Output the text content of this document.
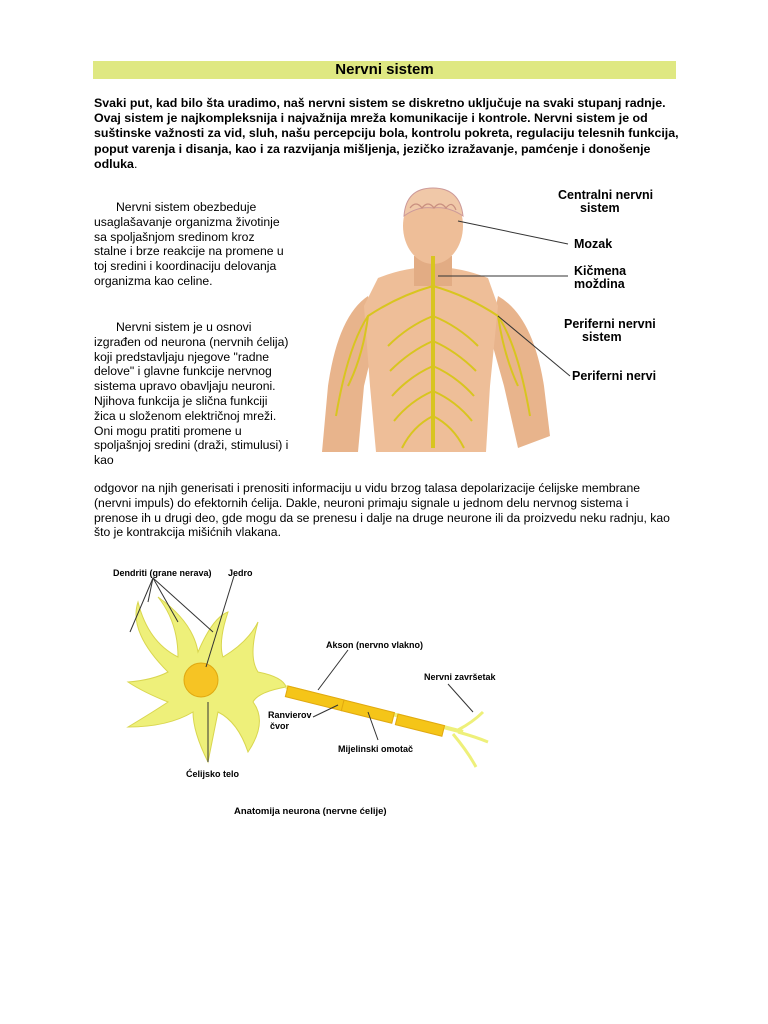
Nervni sistem

Svaki put, kad bilo šta uradimo, naš nervni sistem se diskretno uključuje na svaki stupanj radnje. Ovaj sistem je najkompleksnija i najvažnija mreža komunikacije i kontrole. Nervni sistem je od suštinske važnosti za vid, sluh, našu percepciju bola, kontrolu pokreta, regulaciju telesnih funkcija, poput varenja i disanja, kao i za razvijanja mišljenja, jezičko izražavanje, pamćenje i donošenje odluka.

Nervni sistem obezbeduje usaglašavanje organizma životinje sa spoljašnjom sredinom kroz stalne i brze reakcije na promene u toj sredini i koordinaciju delovanja organizma kao celine.

Nervni sistem je u osnovi izgrađen od neurona (nervnih ćelija) koji predstavljaju njegove "radne delove" i glavne funkcije nervnog sistema upravo obavljaju neuroni. Njihova funkcija je slična funkciji žica u složenom električnoj mreži. Oni mogu pratiti promene u spoljašnjoj sredini (draži, stimulusi) i kao

odgovor na njih generisati i prenositi informaciju u vidu brzog talasa depolarizacije ćelijske membrane (nervni impuls) do efektornih ćelija. Dakle, neuroni primaju signale u jednom delu nervnog sistema i prenose ih u drugi deo, gde mogu da se prenesu i dalje na druge neurone ili da proizvedu neku radnju, kao što je kontrakcija mišićnih vlakana.

Centralni nervni
sistem
Mozak
Kičmena
moždina
Periferni nervni
sistem
Periferni nervi
Dendriti (grane nerava) Jedro
Akson (nervno vlakno)
Nervni završetak
Ranvierov
čvor
Mijelinski omotač
Ćelijsko telo
Anatomija neurona (nervne ćelije)
